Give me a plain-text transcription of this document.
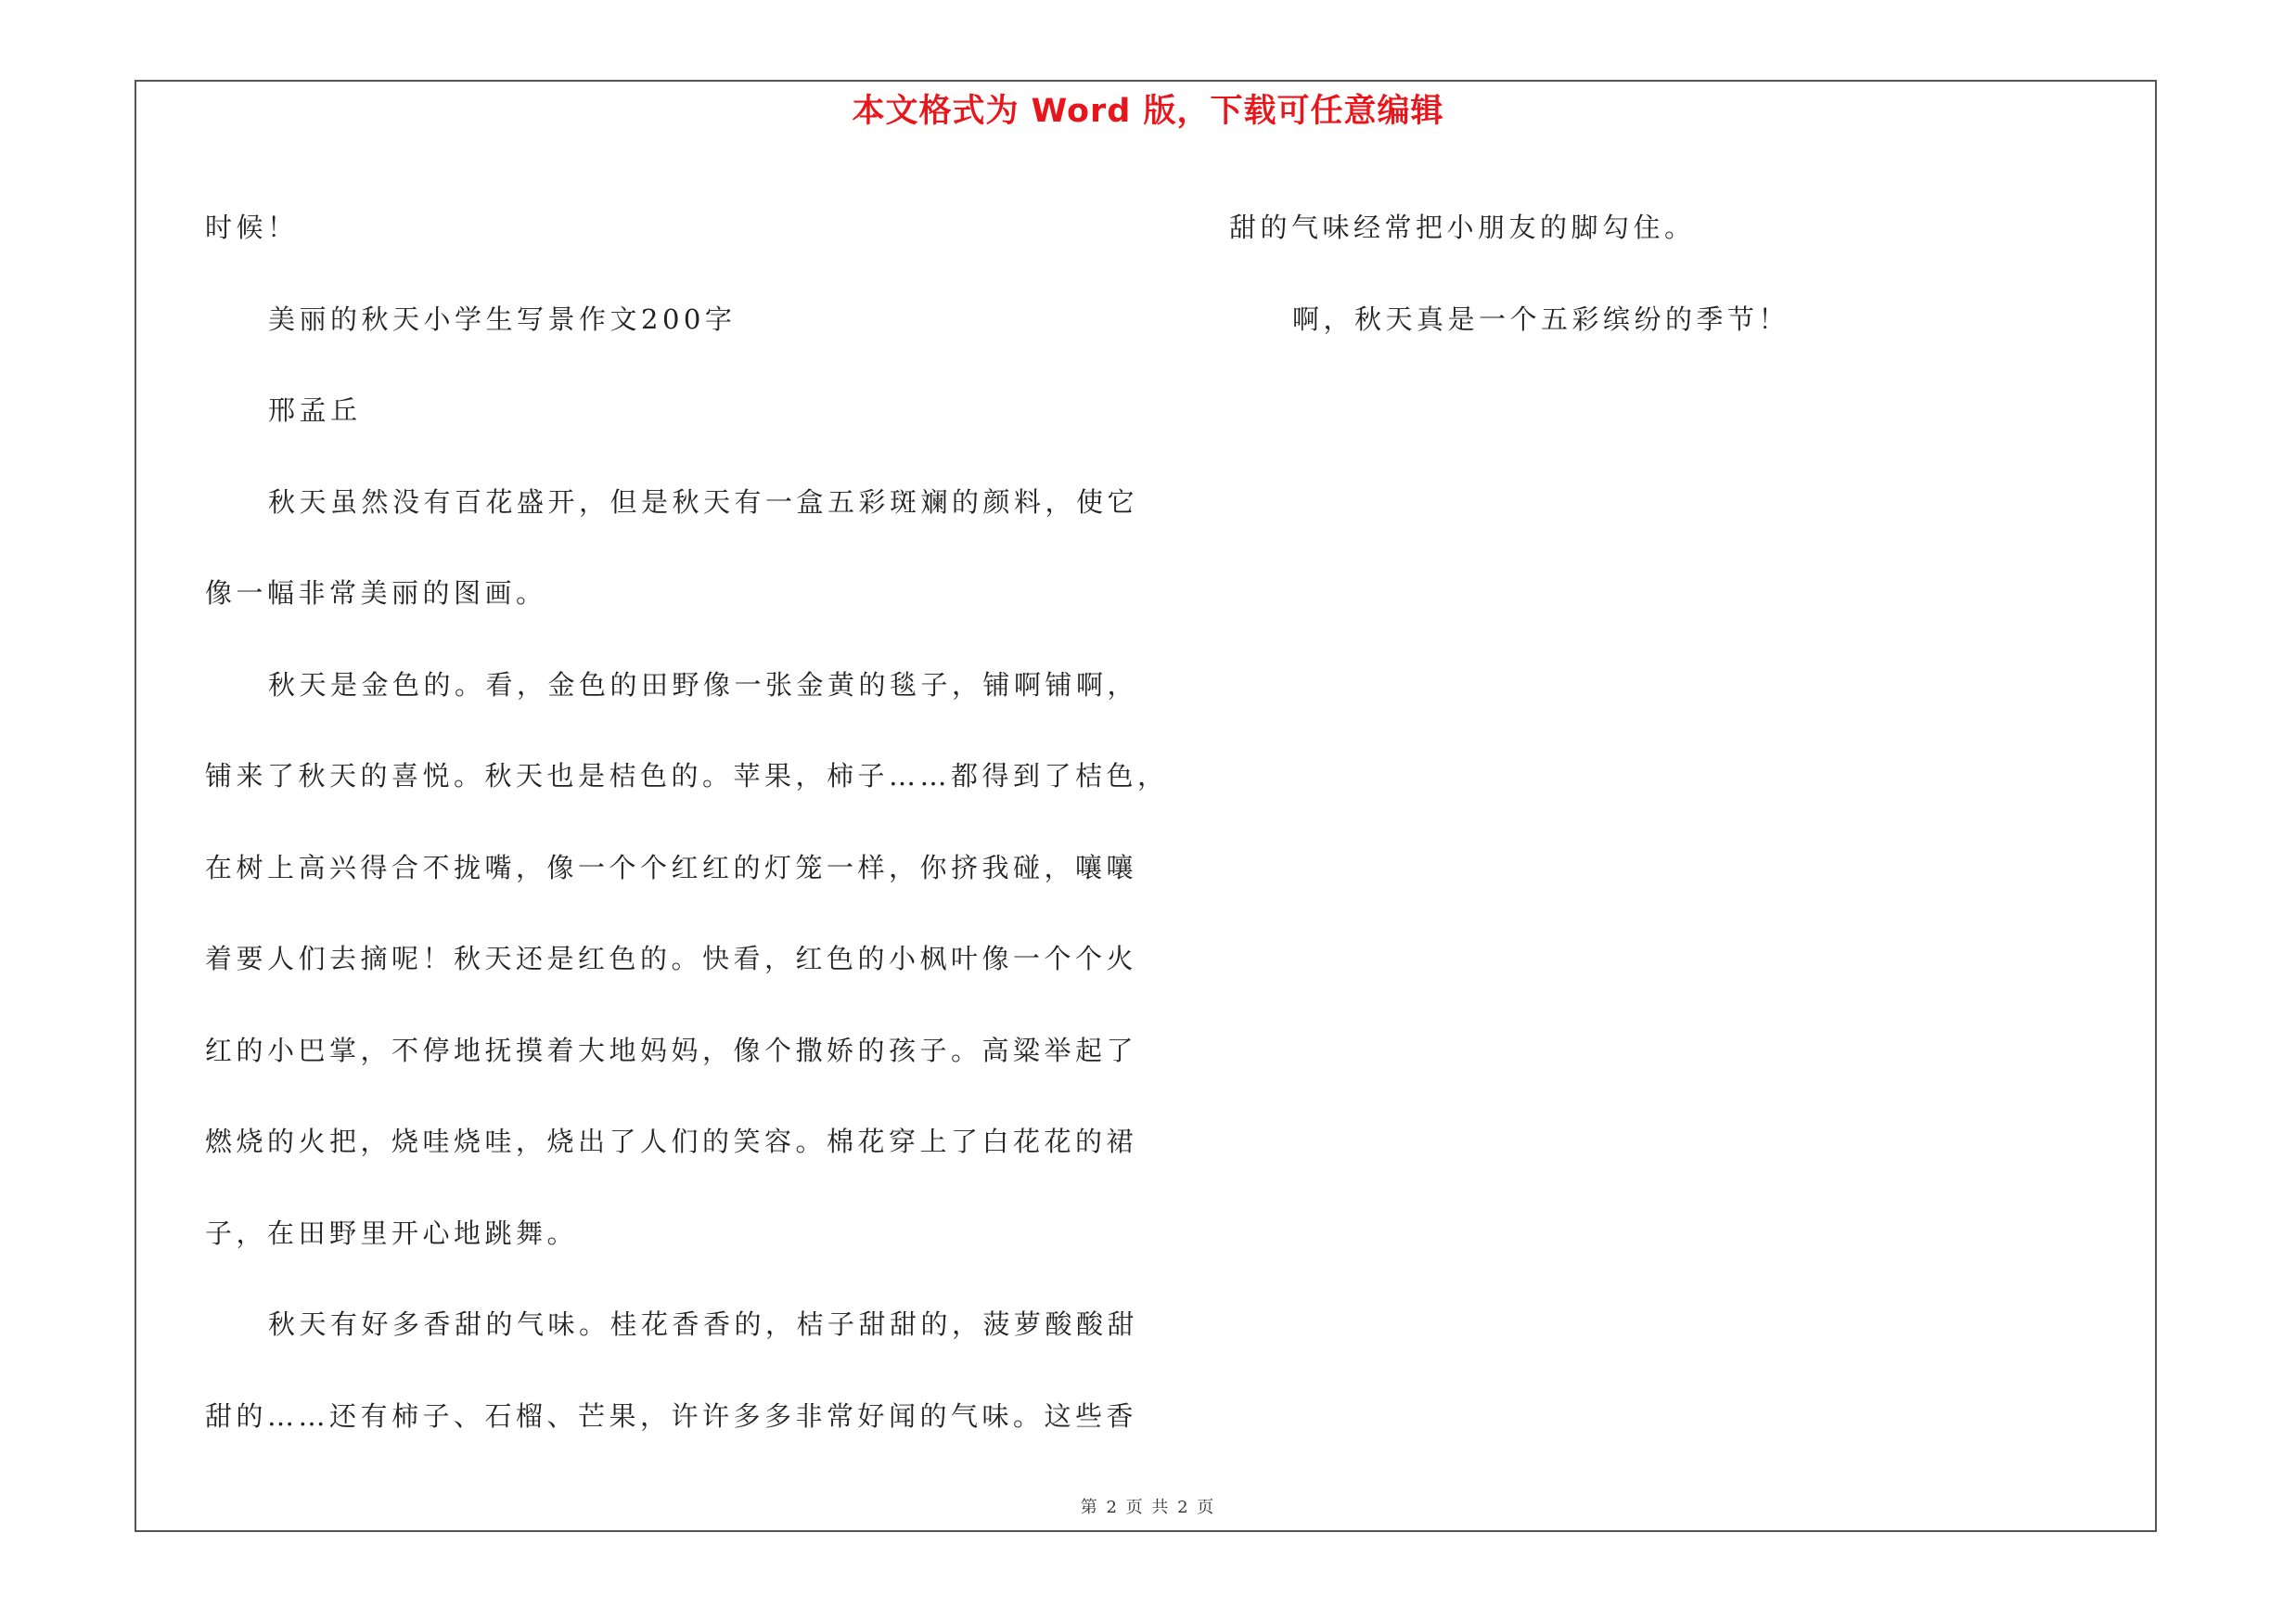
本文格式为 Word 版，下载可任意编辑

时候！

美丽的秋天小学生写景作文200字

邢孟丘

秋天虽然没有百花盛开，但是秋天有一盒五彩斑斓的颜料，使它

像一幅非常美丽的图画。

秋天是金色的。看，金色的田野像一张金黄的毯子，铺啊铺啊，

铺来了秋天的喜悦。秋天也是桔色的。苹果，柿子……都得到了桔色，

在树上高兴得合不拢嘴，像一个个红红的灯笼一样，你挤我碰，嚷嚷

着要人们去摘呢！秋天还是红色的。快看，红色的小枫叶像一个个火

红的小巴掌，不停地抚摸着大地妈妈，像个撒娇的孩子。高粱举起了

燃烧的火把，烧哇烧哇，烧出了人们的笑容。棉花穿上了白花花的裙

子，在田野里开心地跳舞。

秋天有好多香甜的气味。桂花香香的，桔子甜甜的，菠萝酸酸甜

甜的……还有柿子、石榴、芒果，许许多多非常好闻的气味。这些香

甜的气味经常把小朋友的脚勾住。

啊，秋天真是一个五彩缤纷的季节！

第 2 页 共 2 页
